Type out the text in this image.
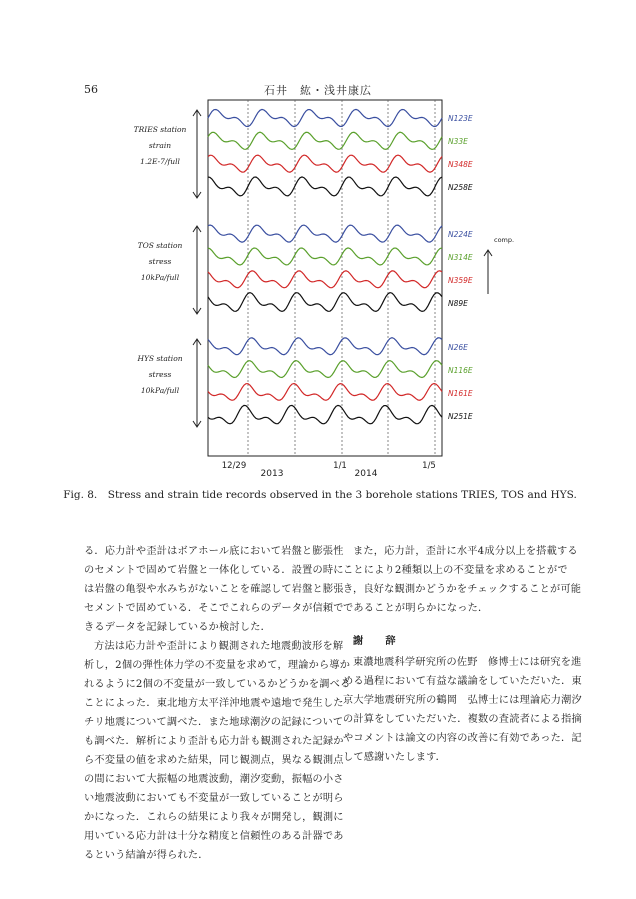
56	石井　紘・浅井康広
N123E
N33E
N348E
N258E
TRIES station
strain
1.2E-7/full
N224E
N314E
N359E
N89E
TOS station
stress
10kPa/full
N26E
N116E
N161E
N251E
HYS station
stress
10kPa/full
comp.
12/29	1/1	1/5
2013	2014
Fig. 8.　Stress and strain tide records observed in the 3 borehole stations TRIES, TOS and HYS.

る．応力計や歪計はボアホール底において岩盤と膨張性のセメントで固めて岩盤と一体化している．設置の時には岩盤の亀裂や水みちがないことを確認して岩盤と膨張セメントで固めている．そこでこれらのデータが信頼できるデータを記録しているか検討した．

方法は応力計や歪計により観測された地震動波形を解析し，2個の弾性体力学の不変量を求めて，理論から導かれるように2個の不変量が一致しているかどうかを調べることによった．東北地方太平洋沖地震や遠地で発生したチリ地震について調べた．また地球潮汐の記録についても調べた．解析により歪計も応力計も観測された記録から不変量の値を求めた結果，同じ観測点，異なる観測点の間において大振幅の地震波動，潮汐変動，振幅の小さい地震波動においても不変量が一致していることが明らかになった．これらの結果により我々が開発し，観測に用いている応力計は十分な精度と信頼性のある計器であるという結論が得られた．

また，応力計，歪計に水平4成分以上を搭載することにより2種類以上の不変量を求めることができ，良好な観測かどうかをチェックすることが可能であることが明らかになった．

謝　辞

東濃地震科学研究所の佐野　修博士には研究を進める過程において有益な議論をしていただいた．東京大学地震研究所の鶴岡　弘博士には理論応力潮汐の計算をしていただいた．複数の査読者による指摘やコメントは論文の内容の改善に有効であった．記して感謝いたします．
